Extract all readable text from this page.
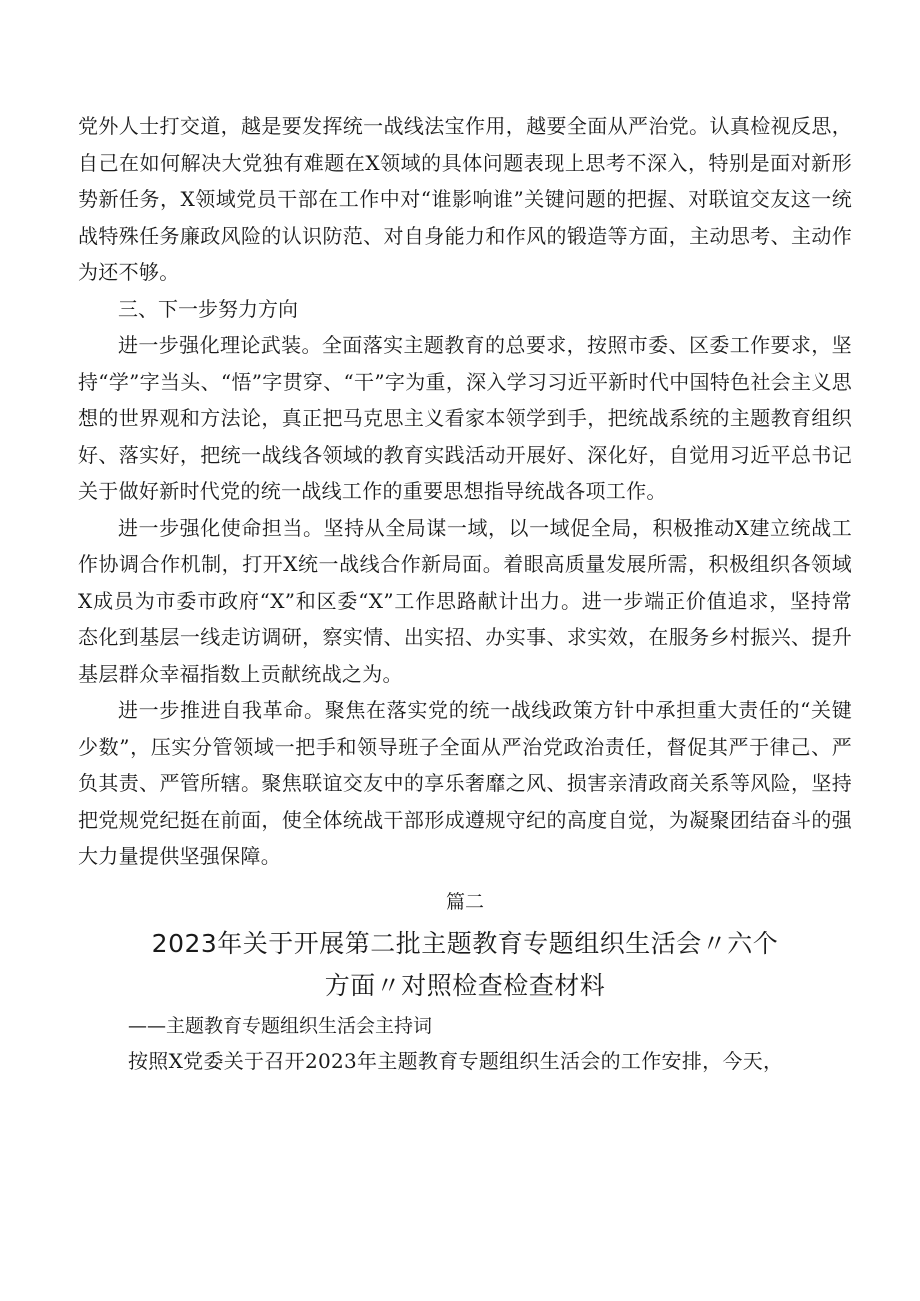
党外人士打交道，越是要发挥统一战线法宝作用，越要全面从严治党。认真检视反思，自己在如何解决大党独有难题在X领域的具体问题表现上思考不深入，特别是面对新形势新任务，X领域党员干部在工作中对“谁影响谁”关键问题的把握、对联谊交友这一统战特殊任务廉政风险的认识防范、对自身能力和作风的锻造等方面，主动思考、主动作为还不够。

三、下一步努力方向

进一步强化理论武装。全面落实主题教育的总要求，按照市委、区委工作要求，坚持“学”字当头、“悟”字贯穿、“干”字为重，深入学习习近平新时代中国特色社会主义思想的世界观和方法论，真正把马克思主义看家本领学到手，把统战系统的主题教育组织好、落实好，把统一战线各领域的教育实践活动开展好、深化好，自觉用习近平总书记关于做好新时代党的统一战线工作的重要思想指导统战各项工作。

进一步强化使命担当。坚持从全局谋一域，以一域促全局，积极推动X建立统战工作协调合作机制，打开X统一战线合作新局面。着眼高质量发展所需，积极组织各领域X成员为市委市政府“X”和区委“X”工作思路献计出力。进一步端正价值追求，坚持常态化到基层一线走访调研，察实情、出实招、办实事、求实效，在服务乡村振兴、提升基层群众幸福指数上贡献统战之为。

进一步推进自我革命。聚焦在落实党的统一战线政策方针中承担重大责任的“关键少数”，压实分管领域一把手和领导班子全面从严治党政治责任，督促其严于律己、严负其责、严管所辖。聚焦联谊交友中的享乐奢靡之风、损害亲清政商关系等风险，坚持把党规党纪挺在前面，使全体统战干部形成遵规守纪的高度自觉，为凝聚团结奋斗的强大力量提供坚强保障。

篇二
2023年关于开展第二批主题教育专题组织生活会〃六个
方面〃对照检查检查材料
——主题教育专题组织生活会主持词

按照X党委关于召开2023年主题教育专题组织生活会的工作安排，今天，
